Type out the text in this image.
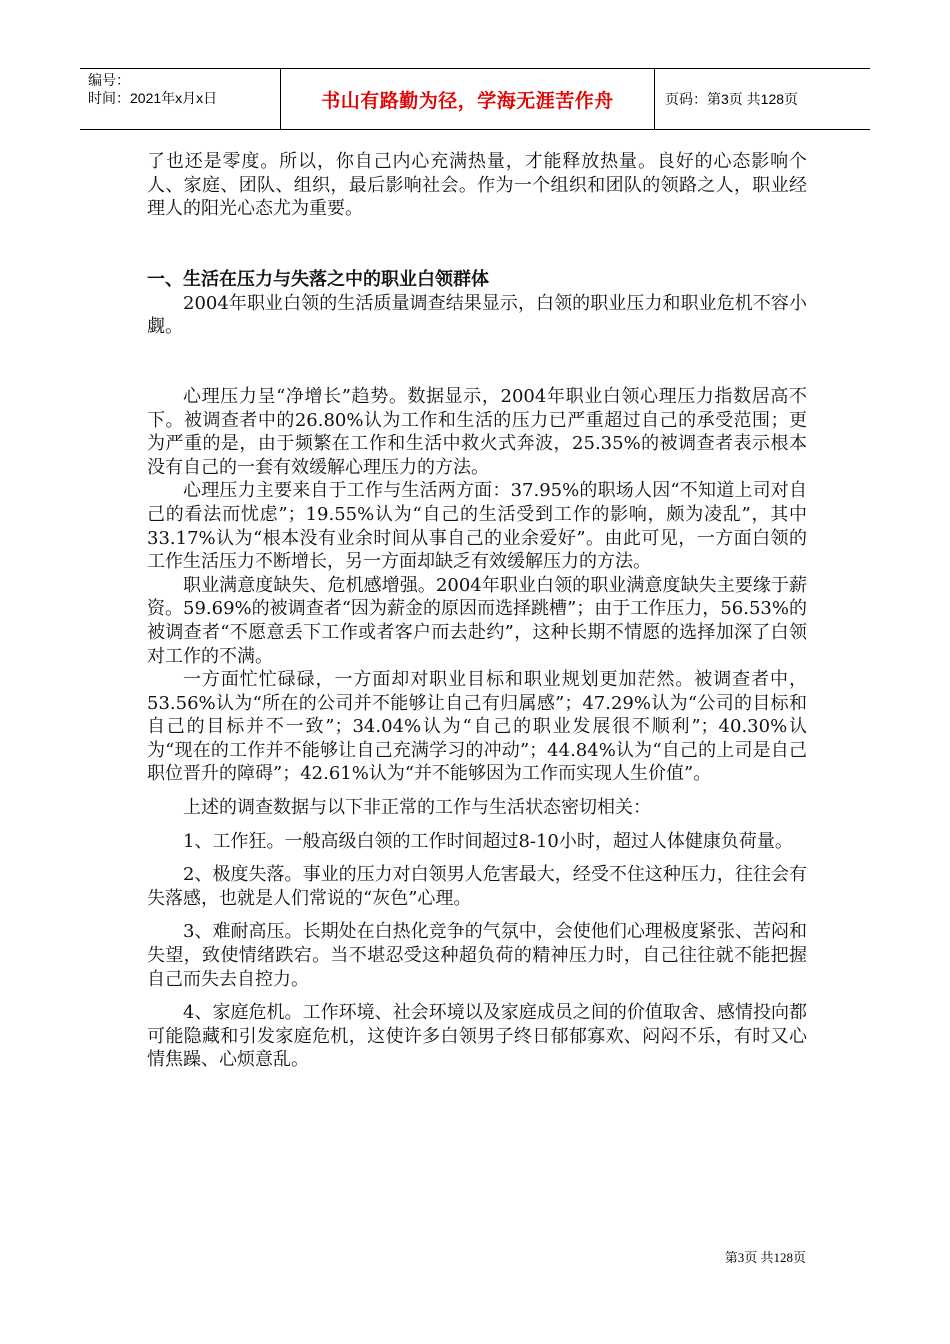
编号：
时间：2021年x月x日	书山有路勤为径，学海无涯苦作舟	页码：第3页 共128页

了也还是零度。所以，你自己内心充满热量，才能释放热量。良好的心态影响个人、家庭、团队、组织，最后影响社会。作为一个组织和团队的领路之人，职业经理人的阳光心态尤为重要。

一、生活在压力与失落之中的职业白领群体

2004年职业白领的生活质量调查结果显示，白领的职业压力和职业危机不容小觑。

心理压力呈“净增长”趋势。数据显示，2004年职业白领心理压力指数居高不下。被调查者中的26.80%认为工作和生活的压力已严重超过自己的承受范围；更为严重的是，由于频繁在工作和生活中救火式奔波，25.35%的被调查者表示根本没有自己的一套有效缓解心理压力的方法。

心理压力主要来自于工作与生活两方面：37.95%的职场人因“不知道上司对自己的看法而忧虑”；19.55%认为“自己的生活受到工作的影响，颇为凌乱”，其中33.17%认为“根本没有业余时间从事自己的业余爱好”。由此可见，一方面白领的工作生活压力不断增长，另一方面却缺乏有效缓解压力的方法。

职业满意度缺失、危机感增强。2004年职业白领的职业满意度缺失主要缘于薪资。59.69%的被调查者“因为薪金的原因而选择跳槽”；由于工作压力，56.53%的被调查者“不愿意丢下工作或者客户而去赴约”，这种长期不情愿的选择加深了白领对工作的不满。

一方面忙忙碌碌，一方面却对职业目标和职业规划更加茫然。被调查者中，53.56%认为“所在的公司并不能够让自己有归属感”；47.29%认为“公司的目标和自己的目标并不一致”；34.04%认为“自己的职业发展很不顺利”；40.30%认为“现在的工作并不能够让自己充满学习的冲动”；44.84%认为“自己的上司是自己职位晋升的障碍”；42.61%认为“并不能够因为工作而实现人生价值”。

上述的调查数据与以下非正常的工作与生活状态密切相关：

1、工作狂。一般高级白领的工作时间超过8-10小时，超过人体健康负荷量。

2、极度失落。事业的压力对白领男人危害最大，经受不住这种压力，往往会有失落感，也就是人们常说的“灰色”心理。

3、难耐高压。长期处在白热化竞争的气氛中，会使他们心理极度紧张、苦闷和失望，致使情绪跌宕。当不堪忍受这种超负荷的精神压力时，自己往往就不能把握自己而失去自控力。

4、家庭危机。工作环境、社会环境以及家庭成员之间的价值取舍、感情投向都可能隐藏和引发家庭危机，这使许多白领男子终日郁郁寡欢、闷闷不乐，有时又心情焦躁、心烦意乱。

第3页 共128页
